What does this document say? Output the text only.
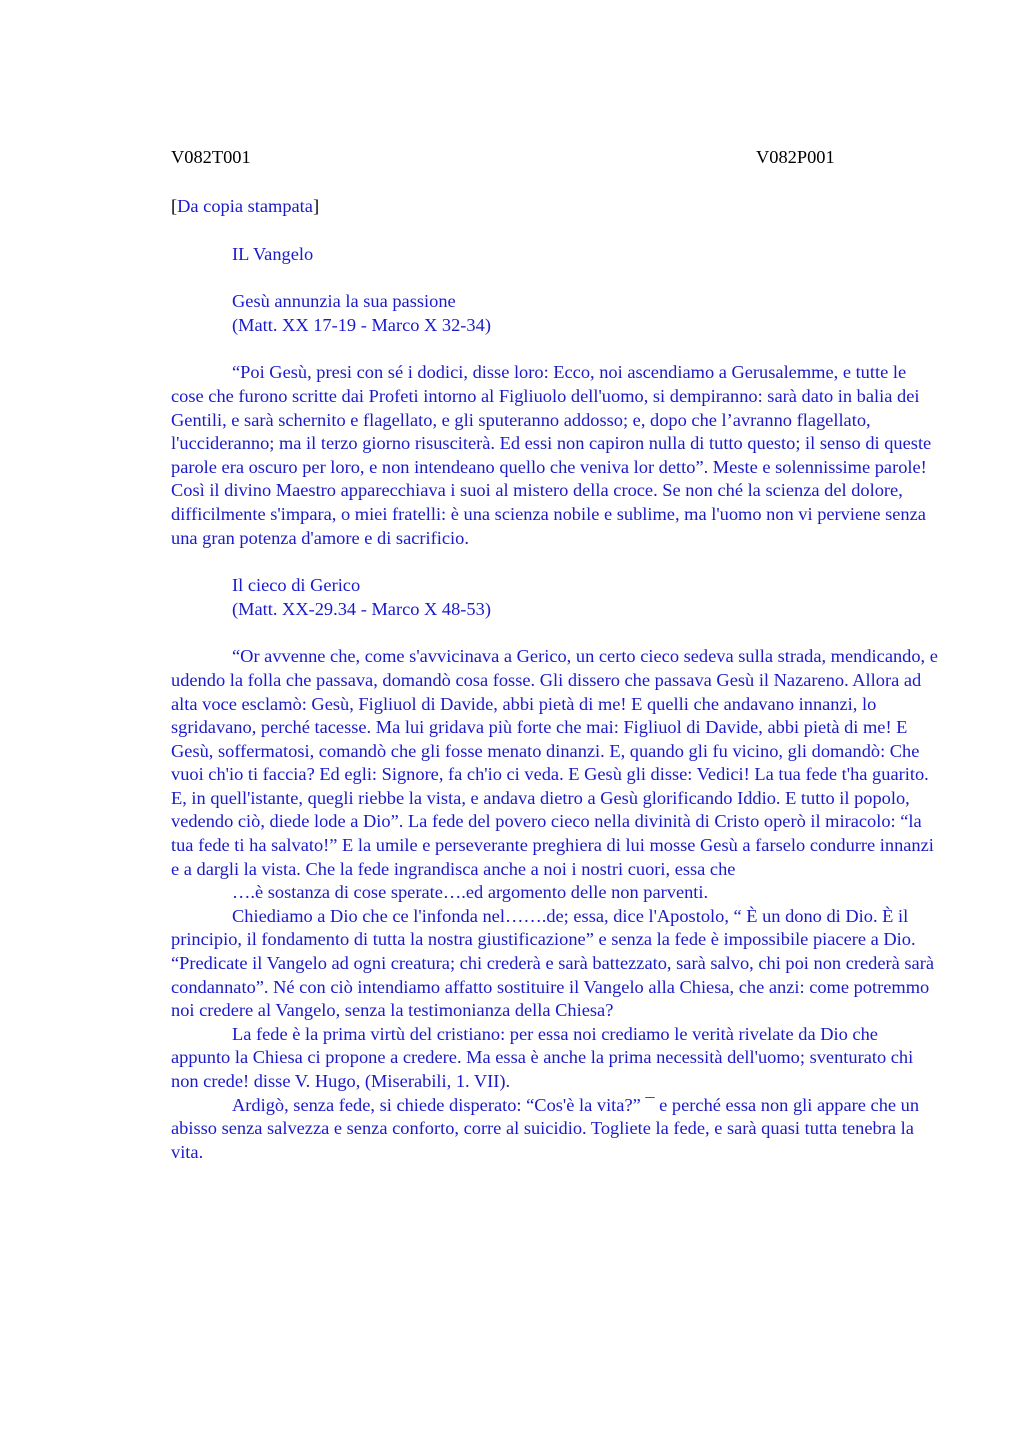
V082T001	V082P001
[Da copia stampata]
IL Vangelo
Gesù annunzia la sua passione
(Matt. XX 17-19 - Marco X 32-34)

“Poi Gesù, presi con sé i dodici, disse loro: Ecco, noi ascendiamo a Gerusalemme, e tutte le cose che furono scritte dai Profeti intorno al Figliuolo dell'uomo, si dempiranno: sarà dato in balia dei Gentili, e sarà schernito e flagellato, e gli sputeranno addosso; e, dopo che l’avranno flagellato, l'uccideranno; ma il terzo giorno risusciterà. Ed essi non capiron nulla di tutto questo; il senso di queste parole era oscuro per loro, e non intendeano quello che veniva lor detto”. Meste e solennissime parole! Così il divino Maestro apparecchiava i suoi al mistero della croce. Se non ché la scienza del dolore, difficilmente s'impara, o miei fratelli: è una scienza nobile e sublime, ma l'uomo non vi perviene senza una gran potenza d'amore e di sacrificio.

Il cieco di Gerico
(Matt. XX-29.34 - Marco X 48-53)

“Or avvenne che, come s'avvicinava a Gerico, un certo cieco sedeva sulla strada, mendicando, e udendo la folla che passava, domandò cosa fosse. Gli dissero che passava Gesù il Nazareno. Allora ad alta voce esclamò: Gesù, Figliuol di Davide, abbi pietà di me! E quelli che andavano innanzi, lo sgridavano, perché tacesse. Ma lui gridava più forte che mai: Figliuol di Davide, abbi pietà di me! E Gesù, soffermatosi, comandò che gli fosse menato dinanzi. E, quando gli fu vicino, gli domandò: Che vuoi ch'io ti faccia? Ed egli: Signore, fa ch'io ci veda. E Gesù gli disse: Vedici! La tua fede t'ha guarito. E, in quell'istante, quegli riebbe la vista, e andava dietro a Gesù glorificando Iddio. E tutto il popolo, vedendo ciò, diede lode a Dio”. La fede del povero cieco nella divinità di Cristo operò il miracolo: “la tua fede ti ha salvato!” E la umile e perseverante preghiera di lui mosse Gesù a farselo condurre innanzi e a dargli la vista. Che la fede ingrandisca anche a noi i nostri cuori, essa che

….è sostanza di cose sperate….ed argomento delle non parventi.

Chiediamo a Dio che ce l'infonda nel…….de; essa, dice l'Apostolo, “ È un dono di Dio. È il principio, il fondamento di tutta la nostra giustificazione” e senza la fede è impossibile piacere a Dio. “Predicate il Vangelo ad ogni creatura; chi crederà e sarà battezzato, sarà salvo, chi poi non crederà sarà condannato”. Né con ciò intendiamo affatto sostituire il Vangelo alla Chiesa, che anzi: come potremmo noi credere al Vangelo, senza la testimonianza della Chiesa?

La fede è la prima virtù del cristiano: per essa noi crediamo le verità rivelate da Dio che appunto la Chiesa ci propone a credere. Ma essa è anche la prima necessità dell'uomo; sventurato chi non crede! disse V. Hugo, (Miserabili, 1. VII).

Ardigò, senza fede, si chiede disperato: “Cos'è la vita?” ¯ e perché essa non gli appare che un abisso senza salvezza e senza conforto, corre al suicidio. Togliete la fede, e sarà quasi tutta tenebra la vita.
